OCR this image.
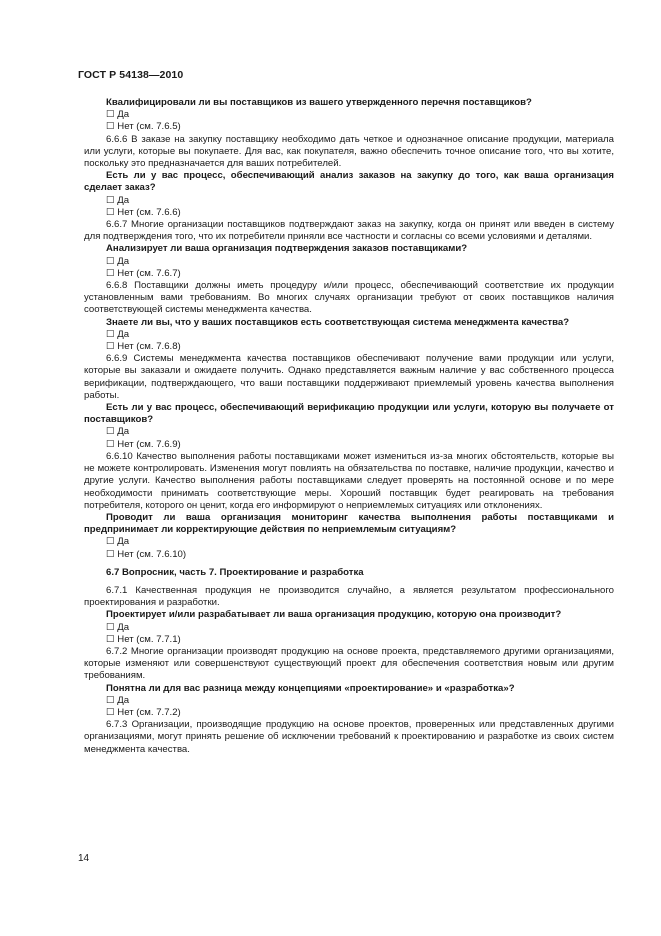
ГОСТ Р 54138—2010

Квалифицировали ли вы поставщиков из вашего утвержденного перечня поставщиков?

☐ Да

☐ Нет (см. 7.6.5)

6.6.6 В заказе на закупку поставщику необходимо дать четкое и однозначное описание продукции, материала или услуги, которые вы покупаете. Для вас, как покупателя, важно обеспечить точное описание того, что вы хотите, поскольку это предназначается для ваших потребителей.

Есть ли у вас процесс, обеспечивающий анализ заказов на закупку до того, как ваша организация сделает заказ?

☐ Да

☐ Нет (см. 7.6.6)

6.6.7 Многие организации поставщиков подтверждают заказ на закупку, когда он принят или введен в систему для подтверждения того, что их потребители приняли все частности и согласны со всеми условиями и деталями.

Анализирует ли ваша организация подтверждения заказов поставщиками?

☐ Да

☐ Нет (см. 7.6.7)

6.6.8 Поставщики должны иметь процедуру и/или процесс, обеспечивающий соответствие их продукции установленным вами требованиям. Во многих случаях организации требуют от своих поставщиков наличия соответствующей системы менеджмента качества.

Знаете ли вы, что у ваших поставщиков есть соответствующая система менеджмента качества?

☐ Да

☐ Нет (см. 7.6.8)

6.6.9 Системы менеджмента качества поставщиков обеспечивают получение вами продукции или услуги, которые вы заказали и ожидаете получить. Однако представляется важным наличие у вас собственного процесса верификации, подтверждающего, что ваши поставщики поддерживают приемлемый уровень качества выполнения работы.

Есть ли у вас процесс, обеспечивающий верификацию продукции или услуги, которую вы получаете от поставщиков?

☐ Да

☐ Нет (см. 7.6.9)

6.6.10 Качество выполнения работы поставщиками может измениться из-за многих обстоятельств, которые вы не можете контролировать. Изменения могут повлиять на обязательства по поставке, наличие продукции, качество и другие услуги. Качество выполнения работы поставщиками следует проверять на постоянной основе и по мере необходимости принимать соответствующие меры. Хороший поставщик будет реагировать на требования потребителя, которого он ценит, когда его информируют о неприемлемых ситуациях или отклонениях.

Проводит ли ваша организация мониторинг качества выполнения работы поставщиками и предпринимает ли корректирующие действия по неприемлемым ситуациям?

☐ Да

☐ Нет (см. 7.6.10)

6.7 Вопросник, часть 7. Проектирование и разработка

6.7.1 Качественная продукция не производится случайно, а является результатом профессионального проектирования и разработки.

Проектирует и/или разрабатывает ли ваша организация продукцию, которую она производит?

☐ Да

☐ Нет (см. 7.7.1)

6.7.2 Многие организации производят продукцию на основе проекта, представляемого другими организациями, которые изменяют или совершенствуют существующий проект для обеспечения соответствия новым или другим требованиям.

Понятна ли для вас разница между концепциями «проектирование» и «разработка»?

☐ Да

☐ Нет (см. 7.7.2)

6.7.3 Организации, производящие продукцию на основе проектов, проверенных или представленных другими организациями, могут принять решение об исключении требований к проектированию и разработке из своих систем менеджмента качества.

14
